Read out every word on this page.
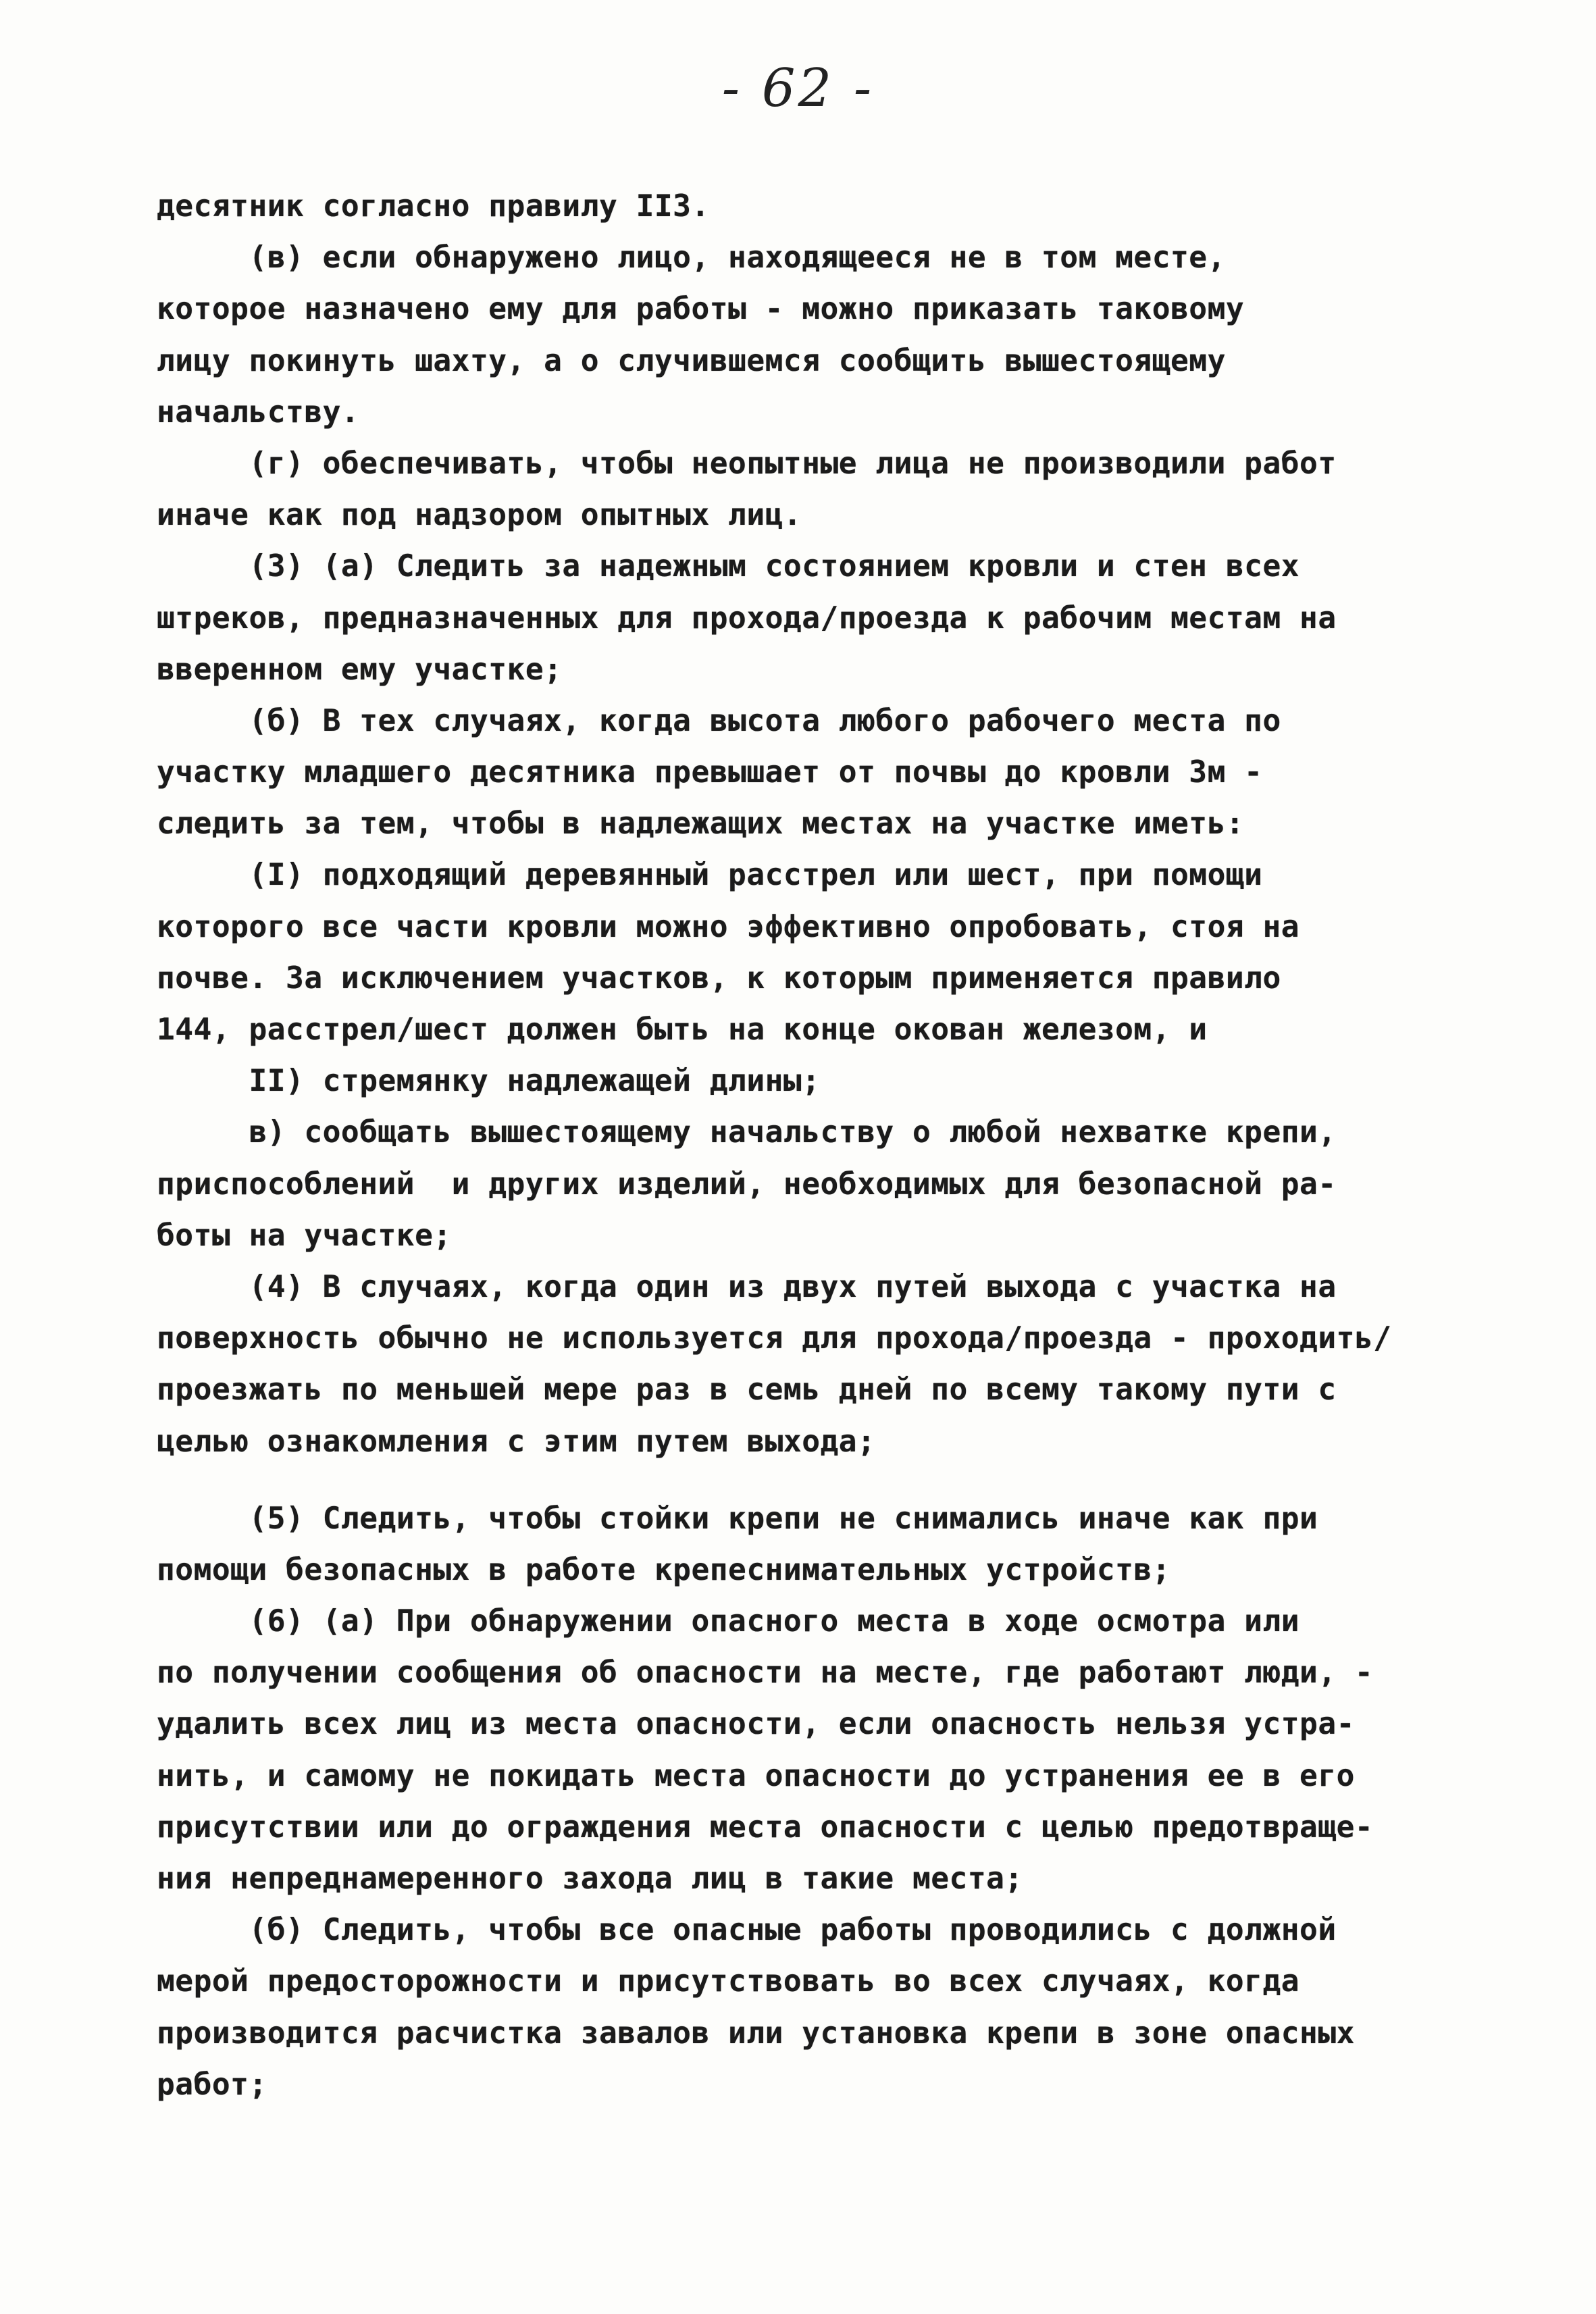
- 62 -
десятник согласно правилу II3.
(в) если обнаружено лицо, находящееся не в том месте,
которое назначено ему для работы - можно приказать таковому
лицу покинуть шахту, а о случившемся сообщить вышестоящему
начальству.
(г) обеспечивать, чтобы неопытные лица не производили работ
иначе как под надзором опытных лиц.
(3) (а) Следить за надежным состоянием кровли и стен всех
штреков, предназначенных для прохода/проезда к рабочим местам на
вверенном ему участке;
(б) В тех случаях, когда высота любого рабочего места по
участку младшего десятника превышает от почвы до кровли 3м -
следить за тем, чтобы в надлежащих местах на участке иметь:
(I) подходящий деревянный расстрел или шест, при помощи
которого все части кровли можно эффективно опробовать, стоя на
почве. За исключением участков, к которым применяется правило
144, расстрел/шест должен быть на конце окован железом, и
II) стремянку надлежащей длины;
в) сообщать вышестоящему начальству о любой нехватке крепи,
приспособлений  и других изделий, необходимых для безопасной ра-
боты на участке;
(4) В случаях, когда один из двух путей выхода с участка на
поверхность обычно не используется для прохода/проезда - проходить/
проезжать по меньшей мере раз в семь дней по всему такому пути с
целью ознакомления с этим путем выхода;
(5) Следить, чтобы стойки крепи не снимались иначе как при
помощи безопасных в работе крепеснимательных устройств;
(6) (а) При обнаружении опасного места в ходе осмотра или
по получении сообщения об опасности на месте, где работают люди, -
удалить всех лиц из места опасности, если опасность нельзя устра-
нить, и самому не покидать места опасности до устранения ее в его
присутствии или до ограждения места опасности с целью предотвраще-
ния непреднамеренного захода лиц в такие места;
(б) Следить, чтобы все опасные работы проводились с должной
мерой предосторожности и присутствовать во всех случаях, когда
производится расчистка завалов или установка крепи в зоне опасных
работ;
